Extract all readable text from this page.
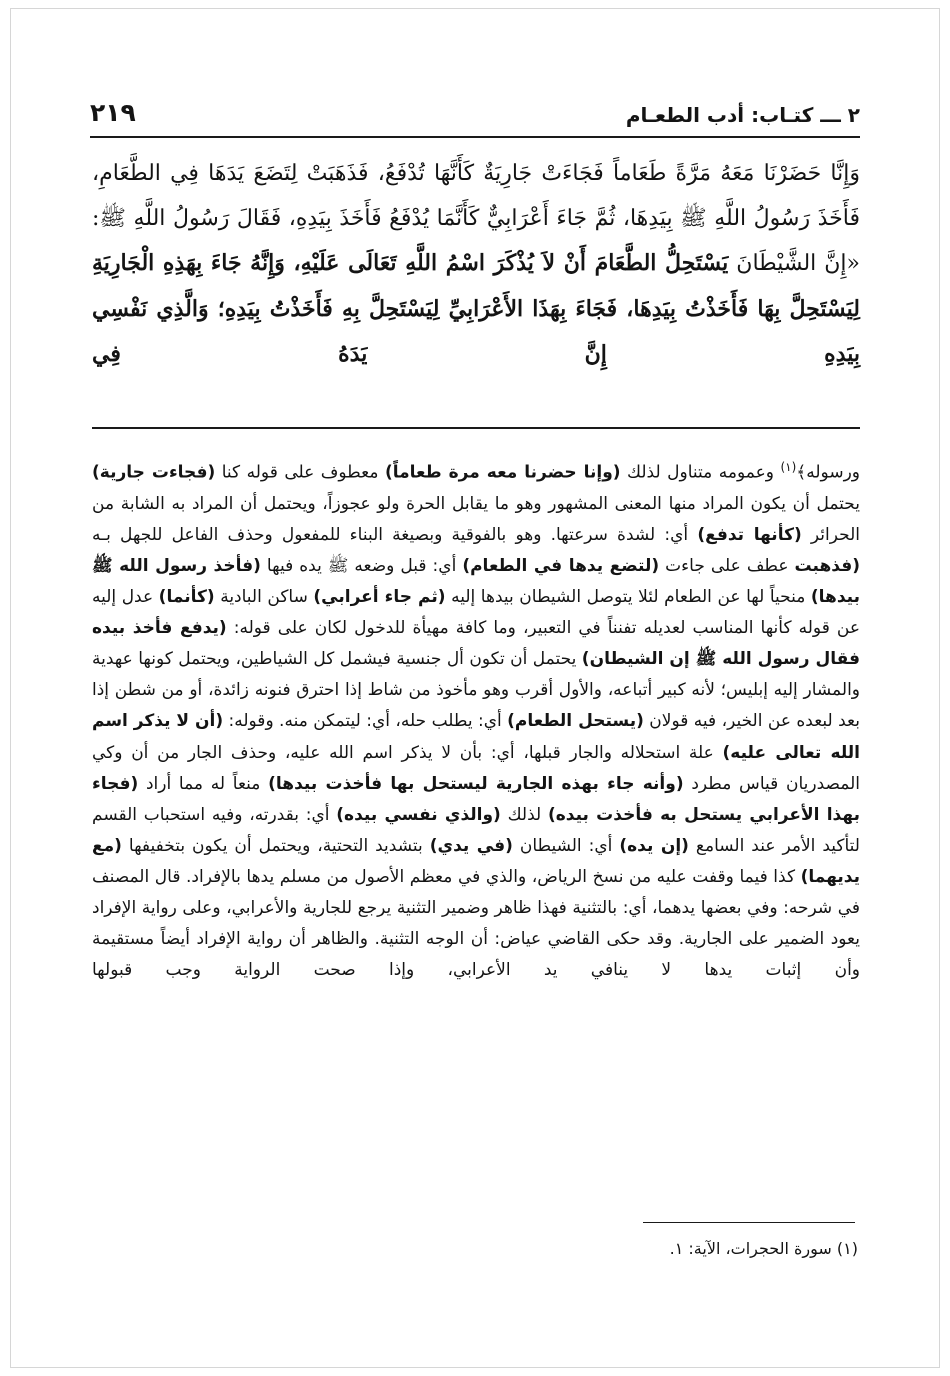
٢١٩	٢ ـــ كتـاب: أدب الطعـام
وَإِنَّا حَضَرْنَا مَعَهُ مَرَّةً طَعَاماً فَجَاءَتْ جَارِيَةٌ كَأَنَّهَا تُدْفَعُ، فَذَهَبَتْ لِتَضَعَ يَدَهَا فِي الطَّعَامِ، فَأَخَذَ رَسُولُ اللَّهِ ﷺ بِيَدِهَا، ثُمَّ جَاءَ أَعْرَابِيٌّ كَأَنَّمَا يُدْفَعُ فَأَخَذَ بِيَدِهِ، فَقَالَ رَسُولُ اللَّهِ ﷺ: «إِنَّ الشَّيْطَانَ يَسْتَحِلُّ الطَّعَامَ أَنْ لاَ يُذْكَرَ اسْمُ اللَّهِ تَعَالَى عَلَيْهِ، وَإِنَّهُ جَاءَ بِهَذِهِ الْجَارِيَةِ لِيَسْتَحِلَّ بِهَا فَأَخَذْتُ بِيَدِهَا، فَجَاءَ بِهَذَا الأَعْرَابِيِّ لِيَسْتَحِلَّ بِهِ فَأَخَذْتُ بِيَدِهِ؛ وَالَّذِي نَفْسِي بِيَدِهِ إِنَّ يَدَهُ فِي
ورسوله﴾$^{(١)}$ وعمومه متناول لذلك (وإنا حضرنا معه مرة طعاماً) معطوف على قوله كنا (فجاءت جارية) يحتمل أن يكون المراد منها المعنى المشهور وهو ما يقابل الحرة ولو عجوزاً، ويحتمل أن المراد به الشابة من الحرائر (كأنها تدفع) أي: لشدة سرعتها. وهو بالفوقية وبصيغة البناء للمفعول وحذف الفاعل للجهل بـه (فذهبت عطف على جاءت (لتضع يدها في الطعام) أي: قبل وضعه ﷺ يده فيها (فأخذ رسول الله ﷺ بيدها) منحياً لها عن الطعام لئلا يتوصل الشيطان بيدها إليه (ثم جاء أعرابي) ساكن البادية (كأنما) عدل إليه عن قوله كأنها المناسب لعديله تفنناً في التعبير، وما كافة مهيأة للدخول لكان على قوله: (يدفع فأخذ بيده فقال رسول الله ﷺ إن الشيطان) يحتمل أن تكون أل جنسية فيشمل كل الشياطين، ويحتمل كونها عهدية والمشار إليه إبليس؛ لأنه كبير أتباعه، والأول أقرب وهو مأخوذ من شاط إذا احترق فنونه زائدة، أو من شطن إذا بعد لبعده عن الخير، فيه قولان (يستحل الطعام) أي: يطلب حله، أي: ليتمكن منه. وقوله: (أن لا يذكر اسم الله تعالى عليه) علة استحلاله والجار قبلها، أي: بأن لا يذكر اسم الله عليه، وحذف الجار من أن وكي المصدريان قياس مطرد (وأنه جاء بهذه الجارية ليستحل بها فأخذت بيدها) منعاً له مما أراد (فجاء بهذا الأعرابي يستحل به فأخذت بيده) لذلك (والذي نفسي بيده) أي: بقدرته، وفيه استحباب القسم لتأكيد الأمر عند السامع (إن يده) أي: الشيطان (في يدي) بتشديد التحتية، ويحتمل أن يكون بتخفيفها (مع يديهما) كذا فيما وقفت عليه من نسخ الرياض، والذي في معظم الأصول من مسلم يدها بالإفراد. قال المصنف في شرحه: وفي بعضها يدهما، أي: بالتثنية فهذا ظاهر وضمير التثنية يرجع للجارية والأعرابي، وعلى رواية الإفراد يعود الضمير على الجارية. وقد حكى القاضي عياض: أن الوجه التثنية. والظاهر أن رواية الإفراد أيضاً مستقيمة وأن إثبات يدها لا ينافي يد الأعرابي، وإذا صحت الرواية وجب قبولها
(١) سورة الحجرات، الآية: ١.
